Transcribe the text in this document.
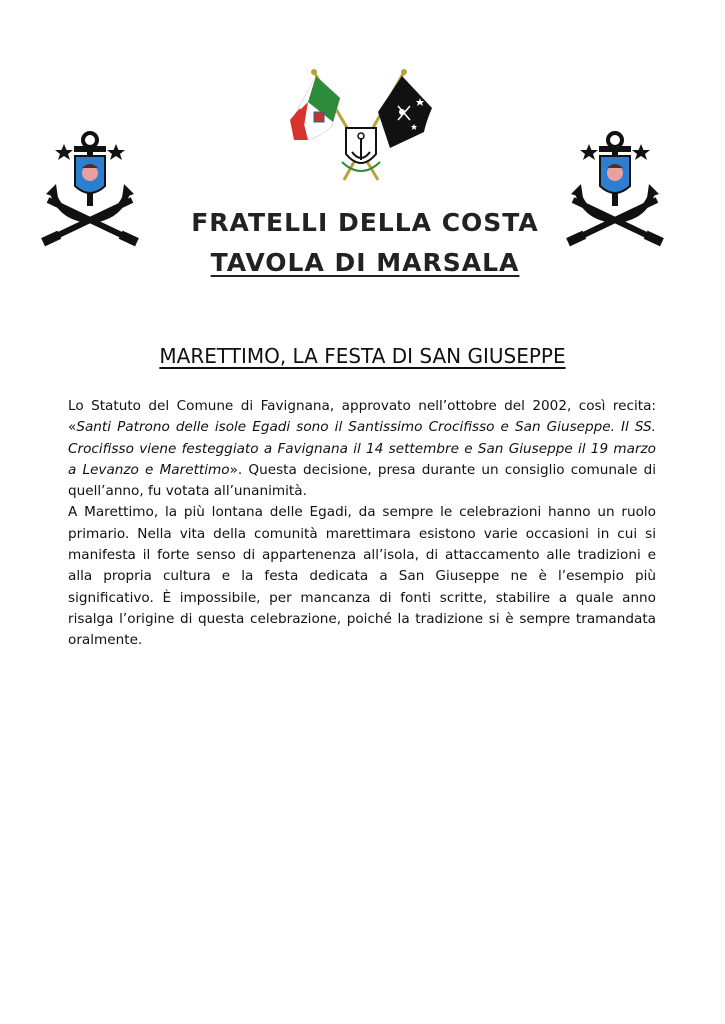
FRATELLI DELLA COSTA
TAVOLA DI MARSALA
MARETTIMO, LA FESTA DI SAN GIUSEPPE

Lo Statuto del Comune di Favignana, approvato nell’ottobre del 2002, così recita: «Santi Patrono delle isole Egadi sono il Santissimo Crocifisso e San Giuseppe. Il SS. Crocifisso viene festeggiato a Favignana il 14 settembre e San Giuseppe il 19 marzo a Levanzo e Marettimo». Questa decisione, presa durante un consiglio comunale di quell’anno, fu votata all’unanimità.
A Marettimo, la più lontana delle Egadi, da sempre le celebrazioni hanno un ruolo primario. Nella vita della comunità marettimara esistono varie occasioni in cui si manifesta il forte senso di appartenenza all’isola, di attaccamento alle tradizioni e alla propria cultura e la festa dedicata a San Giuseppe ne è l’esempio più significativo. È impossibile, per mancanza di fonti scritte, stabilire a quale anno risalga l’origine di questa celebrazione, poiché la tradizione si è sempre tramandata oralmente.
